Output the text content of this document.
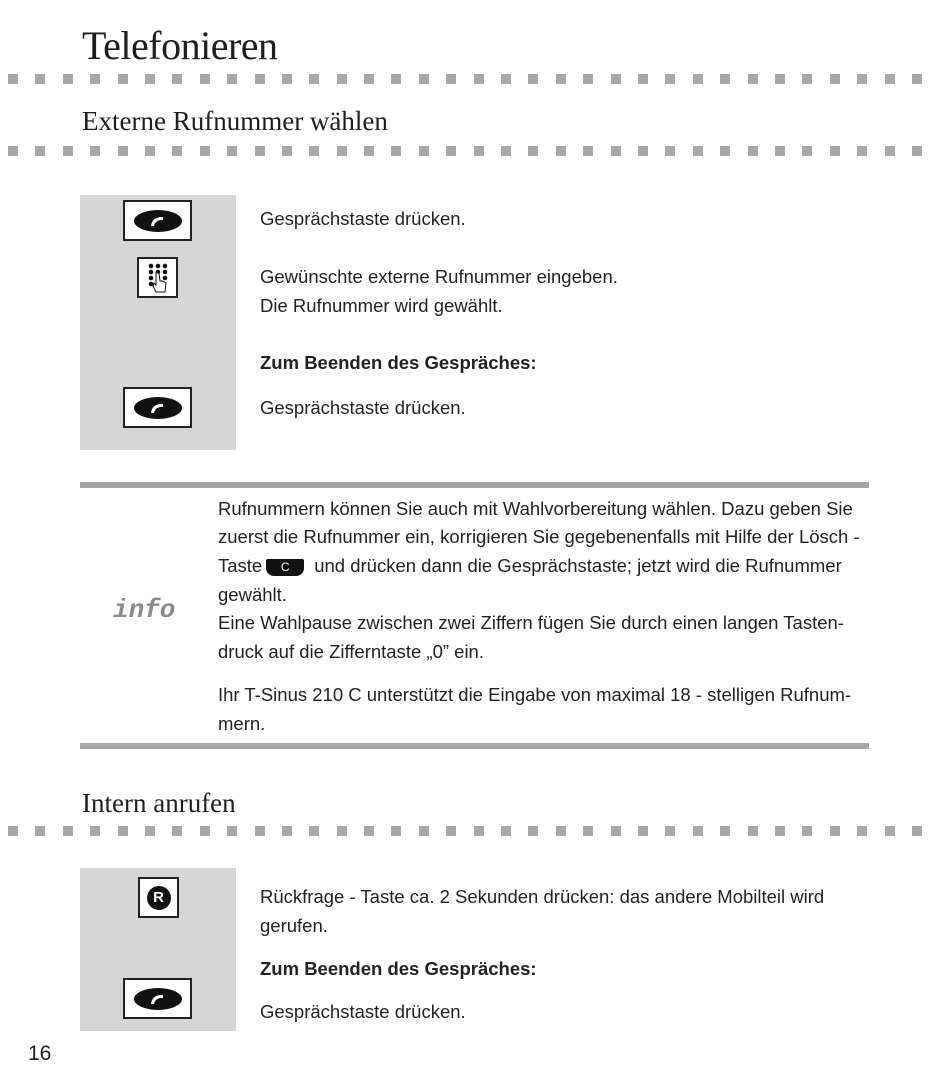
Telefonieren
Externe Rufnummer wählen
Gesprächstaste drücken.
Gewünschte externe Rufnummer eingeben.
Die Rufnummer wird gewählt.
Zum Beenden des Gespräches:
Gesprächstaste drücken.
info
Rufnummern können Sie auch mit Wahlvorbereitung wählen. Dazu geben Sie
zuerst die Rufnummer ein, korrigieren Sie gegebenenfalls mit Hilfe der Lösch -
Taste C und drücken dann die Gesprächstaste; jetzt wird die Rufnummer
gewählt.
Eine Wahlpause zwischen zwei Ziffern fügen Sie durch einen langen Tasten-
druck auf die Zifferntaste „0” ein.
Ihr T-Sinus 210 C unterstützt die Eingabe von maximal 18 - stelligen Rufnum-
mern.
Intern anrufen
R	Rückfrage - Taste ca. 2 Sekunden drücken: das andere Mobilteil wird
gerufen.
Zum Beenden des Gespräches:
Gesprächstaste drücken.
16
